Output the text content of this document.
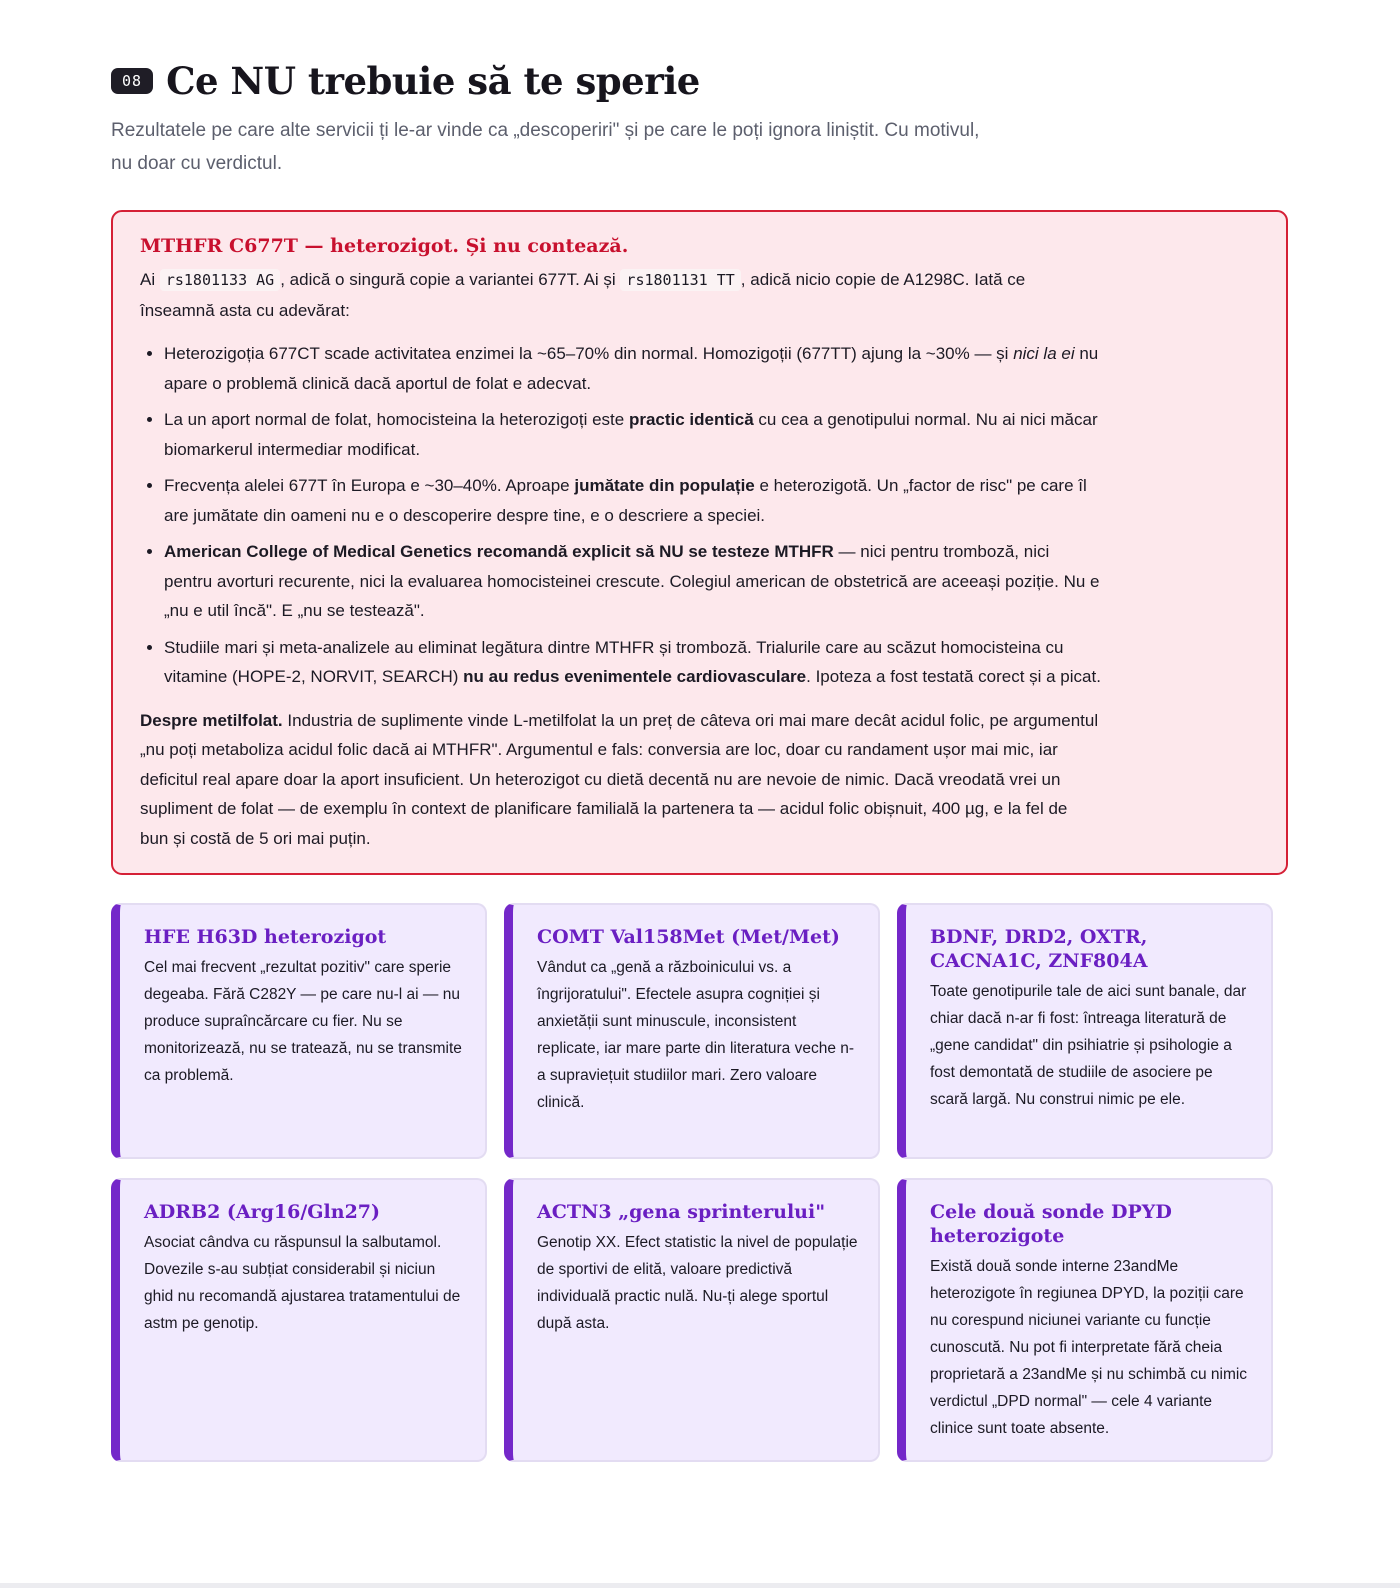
08 Ce NU trebuie să te sperie

Rezultatele pe care alte servicii ți le-ar vinde ca „descoperiri" și pe care le poți ignora liniștit. Cu motivul, nu doar cu verdictul.

MTHFR C677T — heterozigot. Și nu contează.

Ai rs1801133 AG , adică o singură copie a variantei 677T. Ai și rs1801131 TT , adică nicio copie de A1298C. Iată ce înseamnă asta cu adevărat:

• Heterozigoția 677CT scade activitatea enzimei la ~65–70% din normal. Homozigoții (677TT) ajung la ~30% — și nici la ei nu apare o problemă clinică dacă aportul de folat e adecvat.
• La un aport normal de folat, homocisteina la heterozigoți este practic identică cu cea a genotipului normal. Nu ai nici măcar biomarkerul intermediar modificat.
• Frecvența alelei 677T în Europa e ~30–40%. Aproape jumătate din populație e heterozigotă. Un „factor de risc" pe care îl are jumătate din oameni nu e o descoperire despre tine, e o descriere a speciei.
• American College of Medical Genetics recomandă explicit să NU se testeze MTHFR — nici pentru tromboză, nici pentru avorturi recurente, nici la evaluarea homocisteinei crescute. Colegiul american de obstetrică are aceeași poziție. Nu e „nu e util încă". E „nu se testează".
• Studiile mari și meta-analizele au eliminat legătura dintre MTHFR și tromboză. Trialurile care au scăzut homocisteina cu vitamine (HOPE-2, NORVIT, SEARCH) nu au redus evenimentele cardiovasculare. Ipoteza a fost testată corect și a picat.

Despre metilfolat. Industria de suplimente vinde L-metilfolat la un preț de câteva ori mai mare decât acidul folic, pe argumentul „nu poți metaboliza acidul folic dacă ai MTHFR". Argumentul e fals: conversia are loc, doar cu randament ușor mai mic, iar deficitul real apare doar la aport insuficient. Un heterozigot cu dietă decentă nu are nevoie de nimic. Dacă vreodată vrei un supliment de folat — de exemplu în context de planificare familială la partenera ta — acidul folic obișnuit, 400 µg, e la fel de bun și costă de 5 ori mai puțin.

HFE H63D heterozigot

Cel mai frecvent „rezultat pozitiv" care sperie degeaba. Fără C282Y — pe care nu-l ai — nu produce supraîncărcare cu fier. Nu se monitorizează, nu se tratează, nu se transmite ca problemă.

COMT Val158Met (Met/Met)

Vândut ca „genă a războinicului vs. a îngrijoratului". Efectele asupra cogniției și anxietății sunt minuscule, inconsistent replicate, iar mare parte din literatura veche n-a supraviețuit studiilor mari. Zero valoare clinică.

BDNF, DRD2, OXTR, CACNA1C, ZNF804A

Toate genotipurile tale de aici sunt banale, dar chiar dacă n-ar fi fost: întreaga literatură de „gene candidat" din psihiatrie și psihologie a fost demontată de studiile de asociere pe scară largă. Nu construi nimic pe ele.

ADRB2 (Arg16/Gln27)

Asociat cândva cu răspunsul la salbutamol. Dovezile s-au subțiat considerabil și niciun ghid nu recomandă ajustarea tratamentului de astm pe genotip.

ACTN3 „gena sprinterului"

Genotip XX. Efect statistic la nivel de populație de sportivi de elită, valoare predictivă individuală practic nulă. Nu-ți alege sportul după asta.

Cele două sonde DPYD heterozigote

Există două sonde interne 23andMe heterozigote în regiunea DPYD, la poziții care nu corespund niciunei variante cu funcție cunoscută. Nu pot fi interpretate fără cheia proprietară a 23andMe și nu schimbă cu nimic verdictul „DPD normal" — cele 4 variante clinice sunt toate absente.
